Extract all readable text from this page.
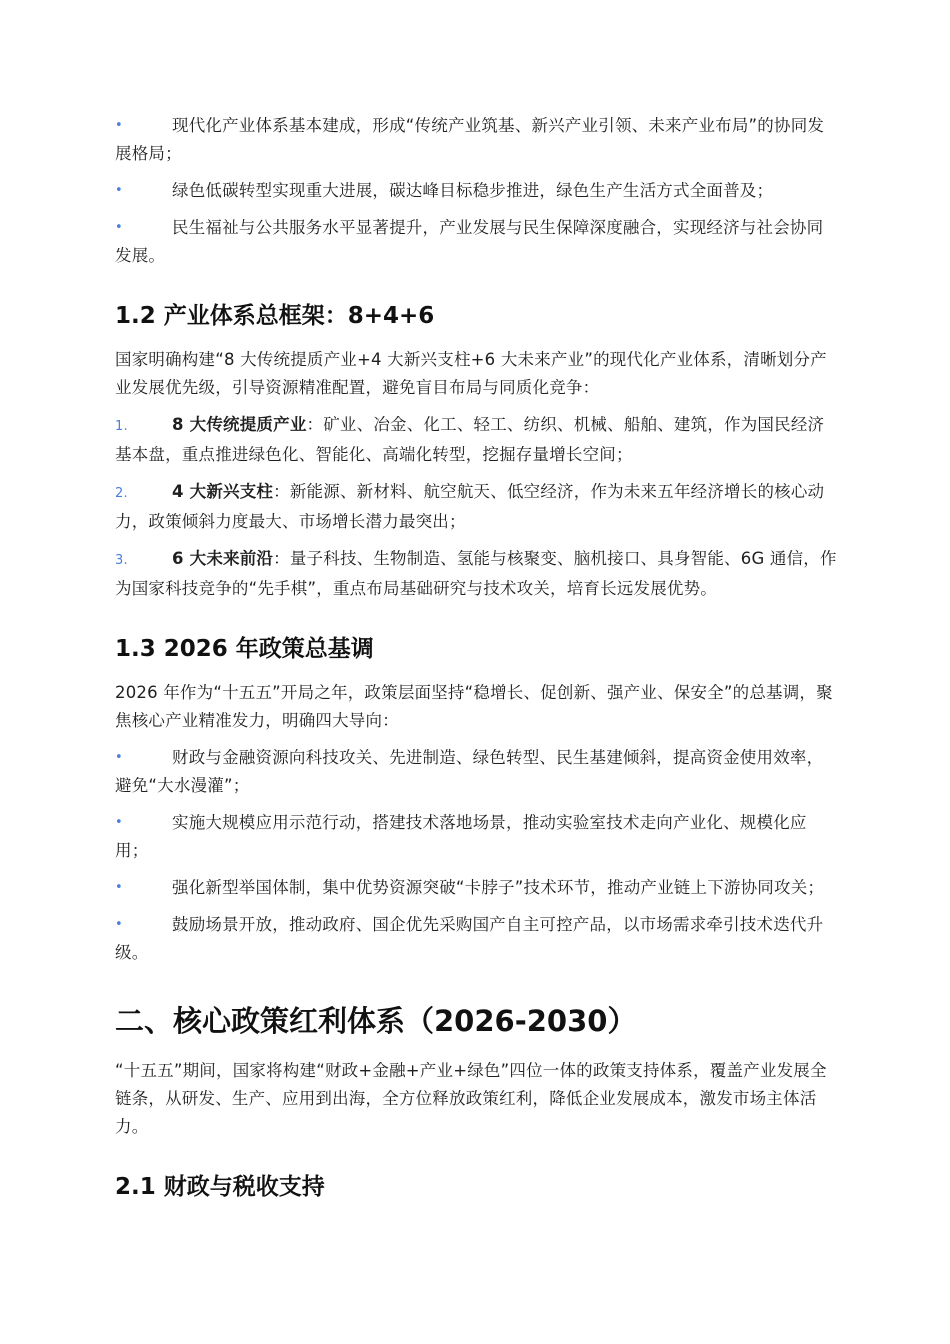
•	现代化产业体系基本建成，形成“传统产业筑基、新兴产业引领、未来产业布局”的协同发展格局；
•	绿色低碳转型实现重大进展，碳达峰目标稳步推进，绿色生产生活方式全面普及；
•	民生福祉与公共服务水平显著提升，产业发展与民生保障深度融合，实现经济与社会协同发展。
1.2 产业体系总框架：8+4+6

国家明确构建“8 大传统提质产业+4 大新兴支柱+6 大未来产业”的现代化产业体系，清晰划分产业发展优先级，引导资源精准配置，避免盲目布局与同质化竞争：

1.	8 大传统提质产业：矿业、冶金、化工、轻工、纺织、机械、船舶、建筑，作为国民经济基本盘，重点推进绿色化、智能化、高端化转型，挖掘存量增长空间；
2.	4 大新兴支柱：新能源、新材料、航空航天、低空经济，作为未来五年经济增长的核心动力，政策倾斜力度最大、市场增长潜力最突出；
3.	6 大未来前沿：量子科技、生物制造、氢能与核聚变、脑机接口、具身智能、6G 通信，作为国家科技竞争的“先手棋”，重点布局基础研究与技术攻关，培育长远发展优势。
1.3 2026 年政策总基调

2026 年作为“十五五”开局之年，政策层面坚持“稳增长、促创新、强产业、保安全”的总基调，聚焦核心产业精准发力，明确四大导向：

•	财政与金融资源向科技攻关、先进制造、绿色转型、民生基建倾斜，提高资金使用效率，避免“大水漫灌”；
•	实施大规模应用示范行动，搭建技术落地场景，推动实验室技术走向产业化、规模化应用；
•	强化新型举国体制，集中优势资源突破“卡脖子”技术环节，推动产业链上下游协同攻关；
•	鼓励场景开放，推动政府、国企优先采购国产自主可控产品，以市场需求牵引技术迭代升级。
二、核心政策红利体系（2026-2030）

“十五五”期间，国家将构建“财政+金融+产业+绿色”四位一体的政策支持体系，覆盖产业发展全链条，从研发、生产、应用到出海，全方位释放政策红利，降低企业发展成本，激发市场主体活力。

2.1 财政与税收支持
